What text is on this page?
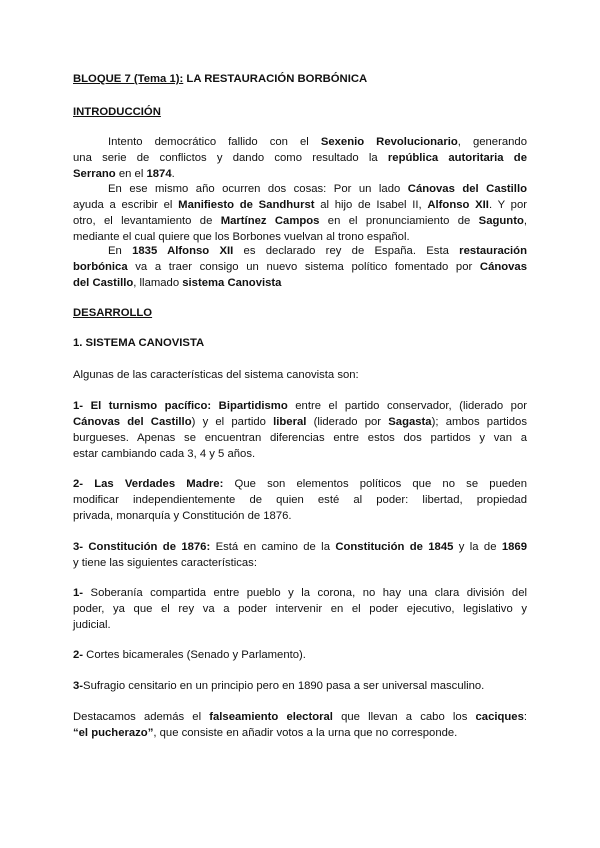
BLOQUE 7 (Tema 1): LA RESTAURACIÓN BORBÓNICA
INTRODUCCIÓN
Intento democrático fallido con el Sexenio Revolucionario, generando
una serie de conflictos y dando como resultado la república autoritaria de
Serrano en el 1874.
En ese mismo año ocurren dos cosas: Por un lado Cánovas del Castillo
ayuda a escribir el Manifiesto de Sandhurst al hijo de Isabel II, Alfonso XII. Y por
otro, el levantamiento de Martínez Campos en el pronunciamiento de Sagunto,
mediante el cual quiere que los Borbones vuelvan al trono español.
En 1835 Alfonso XII es declarado rey de España. Esta restauración
borbónica va a traer consigo un nuevo sistema político fomentado por Cánovas
del Castillo, llamado sistema Canovista
DESARROLLO
1. SISTEMA CANOVISTA
Algunas de las características del sistema canovista son:
1- El turnismo pacífico: Bipartidismo entre el partido conservador, (liderado por
Cánovas del Castillo) y el partido liberal (liderado por Sagasta); ambos partidos
burgueses. Apenas se encuentran diferencias entre estos dos partidos y van a
estar cambiando cada 3, 4 y 5 años.
2- Las Verdades Madre: Que son elementos políticos que no se pueden
modificar independientemente de quien esté al poder: libertad, propiedad
privada, monarquía y Constitución de 1876.
3- Constitución de 1876: Está en camino de la Constitución de 1845 y la de 1869
y tiene las siguientes características:
1- Soberanía compartida entre pueblo y la corona, no hay una clara división del
poder, ya que el rey va a poder intervenir en el poder ejecutivo, legislativo y
judicial.
2- Cortes bicamerales (Senado y Parlamento).
3-Sufragio censitario en un principio pero en 1890 pasa a ser universal masculino.
Destacamos además el falseamiento electoral que llevan a cabo los caciques:
“el pucherazo”, que consiste en añadir votos a la urna que no corresponde.
